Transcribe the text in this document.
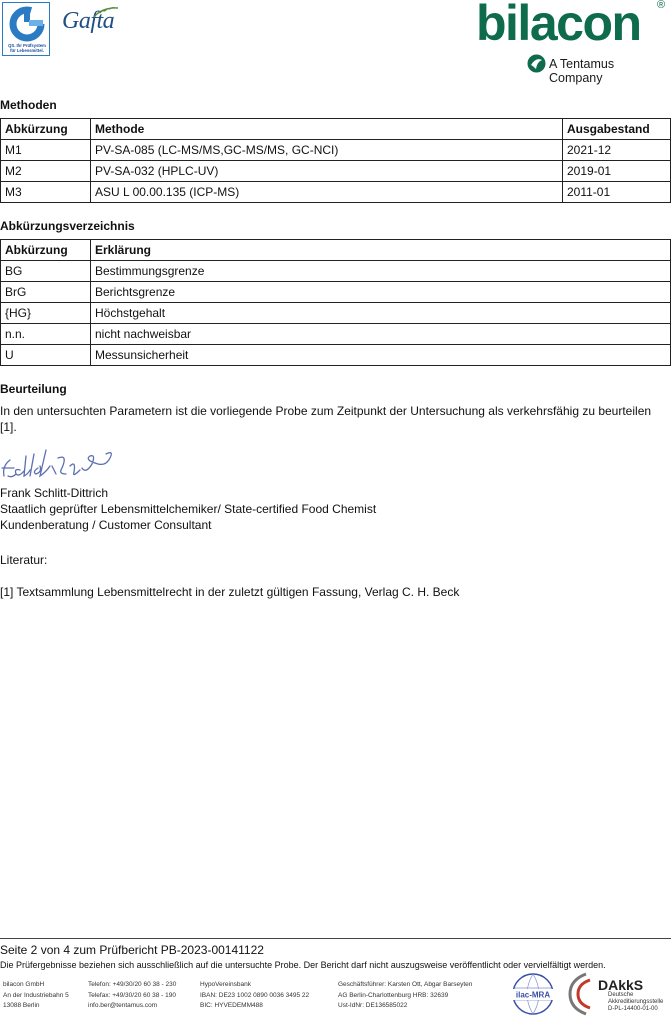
QS. Ihr Prüfsystem
für Lebensmittel.
Gafta	bilacon ®
A Tentamus Company
Methoden
Abkürzung	Methode	Ausgabestand
M1	PV-SA-085 (LC-MS/MS,GC-MS/MS, GC-NCI)	2021-12
M2	PV-SA-032 (HPLC-UV)	2019-01
M3	ASU L 00.00.135 (ICP-MS)	2011-01
Abkürzungsverzeichnis
Abkürzung	Erklärung
BG	Bestimmungsgrenze
BrG	Berichtsgrenze
{HG}	Höchstgehalt
n.n.	nicht nachweisbar
U	Messunsicherheit
Beurteilung
In den untersuchten Parametern ist die vorliegende Probe zum Zeitpunkt der Untersuchung als verkehrsfähig zu beurteilen [1].
Frank Schlitt-Dittrich
Staatlich geprüfter Lebensmittelchemiker/ State-certified Food Chemist
Kundenberatung / Customer Consultant
Literatur:
[1] Textsammlung Lebensmittelrecht in der zuletzt gültigen Fassung, Verlag C. H. Beck
Seite 2 von 4 zum Prüfbericht PB-2023-00141122
Die Prüfergebnisse beziehen sich ausschließlich auf die untersuchte Probe. Der Bericht darf nicht auszugsweise veröffentlicht oder vervielfältigt werden.
bilacon GmbH
An der Industriebahn 5
13088 Berlin
Telefon: +49/30/20 60 38 - 230
Telefax: +49/30/20 60 38 - 190
info.ber@tentamus.com
HypoVereinsbank
IBAN: DE23 1002 0890 0036 3495 22
BIC: HYVEDEMM488
Geschäftsführer: Karsten Ott, Abgar Barseyten
AG Berlin-Charlottenburg HRB: 32639
Ust-IdNr: DE136585022
ilac-MRA
DAkkS
Deutsche
Akkreditierungsstelle
D-PL-14400-01-00
